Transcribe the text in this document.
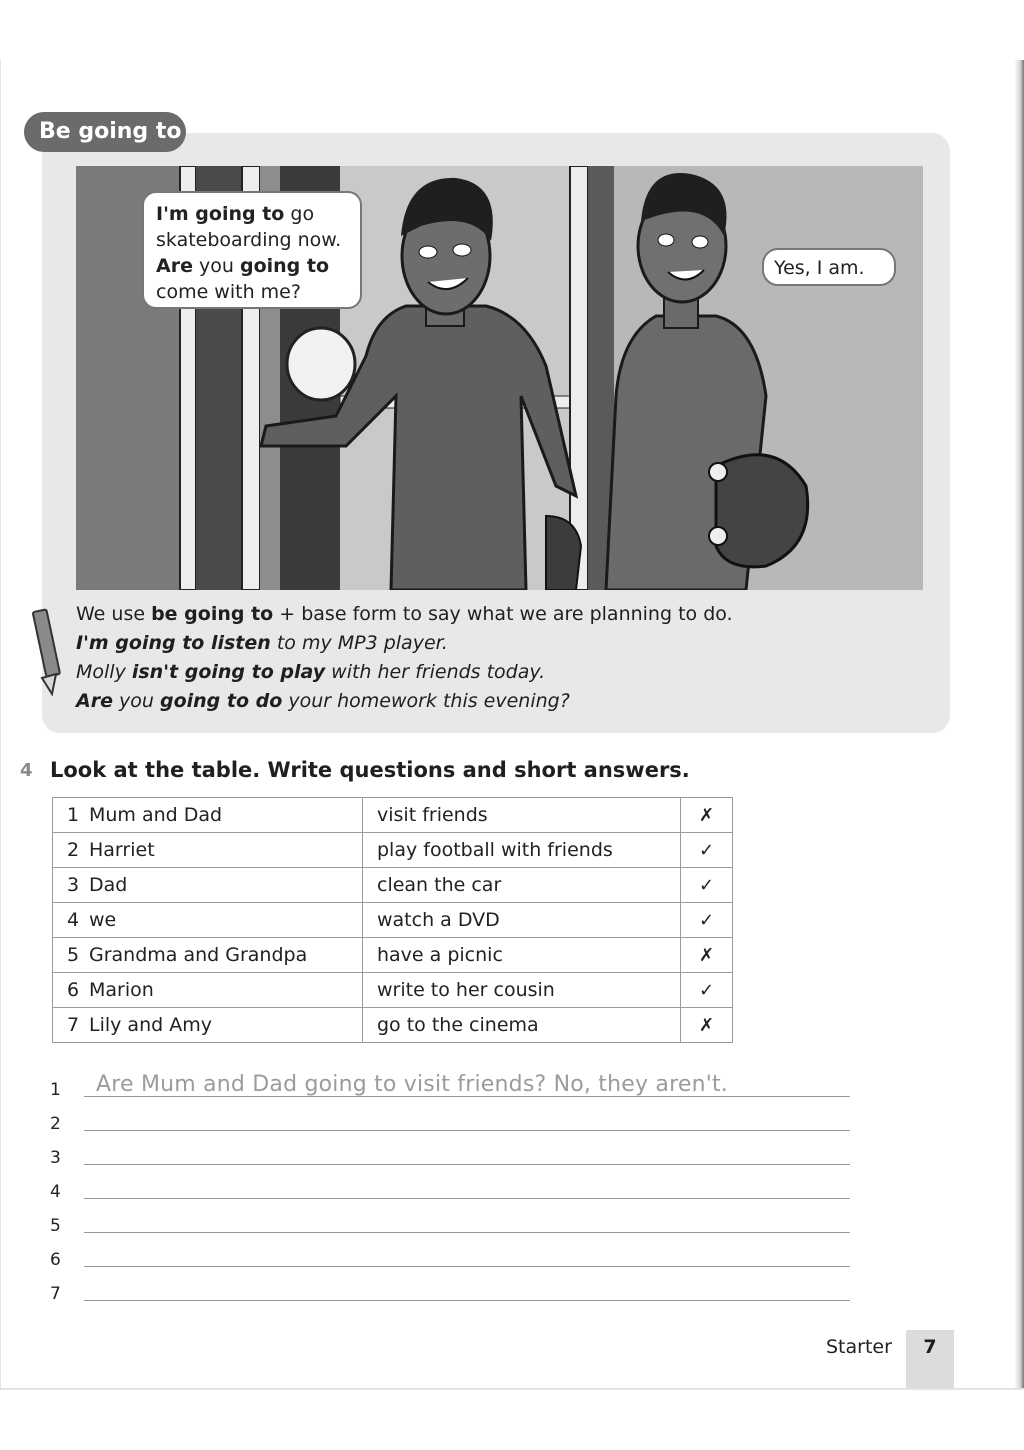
Be going to
I'm going to go
skateboarding now.
Are you going to
come with me?
Yes, I am.
We use be going to + base form to say what we are planning to do.
I'm going to listen to my MP3 player.
Molly isn't going to play with her friends today.
Are you going to do your homework this evening?
4 Look at the table. Write questions and short answers.
1 Mum and Dad	visit friends	✗
2 Harriet	play football with friends	✓
3 Dad	clean the car	✓
4 we	watch a DVD	✓
5 Grandma and Grandpa	have a picnic	✗
6 Marion	write to her cousin	✓
7 Lily and Amy	go to the cinema	✗
1	Are Mum and Dad going to visit friends? No, they aren't.
2
3
4
5
6
7
Starter	7
